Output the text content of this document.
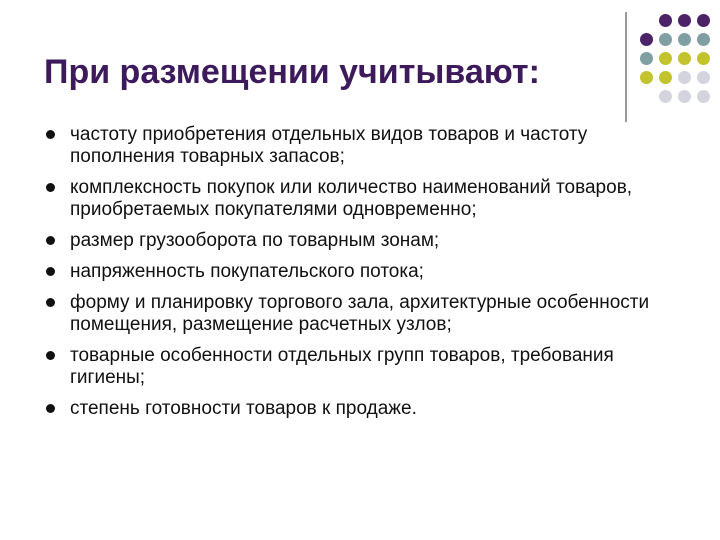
При размещении учитывают:
частоту приобретения отдельных видов товаров и частоту пополнения товарных запасов;
комплексность покупок или количество наименований товаров, приобретаемых покупателями одновременно;
размер грузооборота по товарным зонам;
напряженность покупательского потока;
форму и планировку торгового зала, архитектурные особенности помещения, размещение расчетных узлов;
товарные особенности отдельных групп товаров, требования гигиены;
степень готовности товаров к продаже.
